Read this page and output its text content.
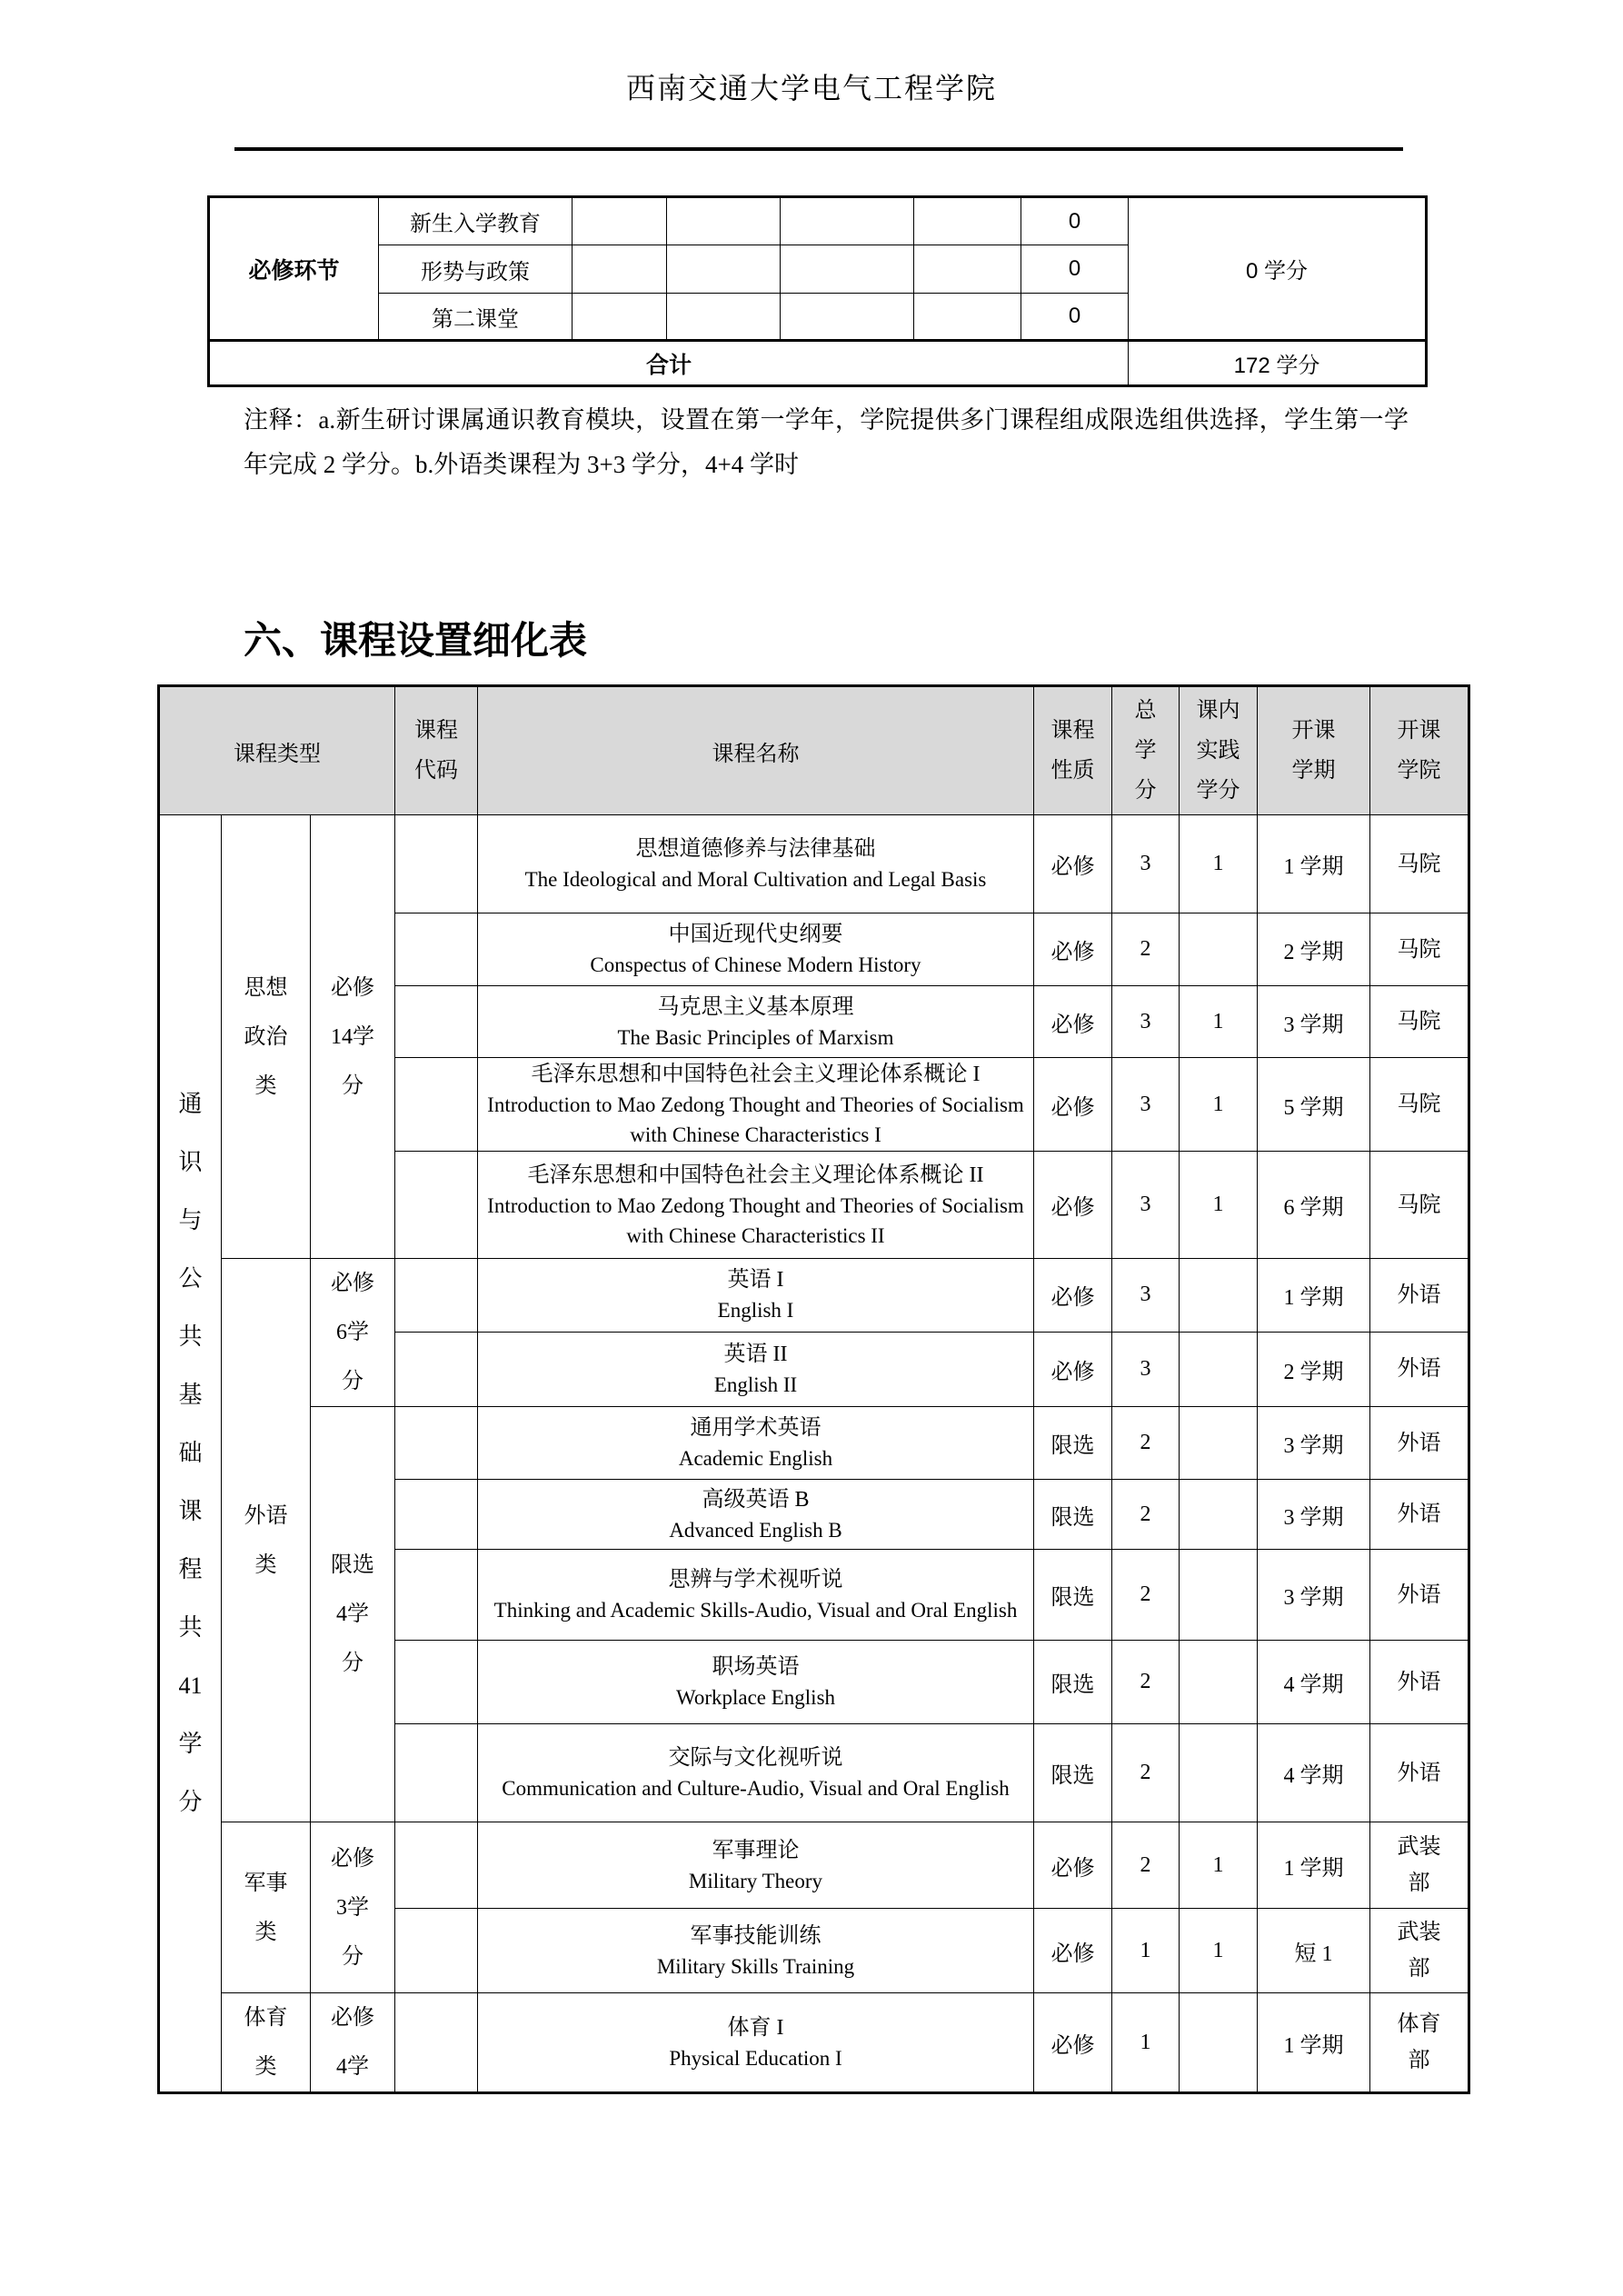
西南交通大学电气工程学院
必修环节	新生入学教育					0	0 学分
	形势与政策					0	
	第二课堂					0	
合计							172 学分
注释：a.新生研讨课属通识教育模块，设置在第一学年，学院提供多门课程组成限选组供选择，学生第一学年完成 2 学分。b.外语类课程为 3+3 学分，4+4 学时
六、课程设置细化表
课程类型			课程代码	课程名称	课程性质	总学分	课内实践学分	开课学期	开课学院

通识与公共基础课程　共41学分	思想政治类	必修14学分		思想道德修养与法律基础
The Ideological and Moral Cultivation and Legal Basis	必修	3	1	1 学期	马院

				中国近现代史纲要
Conspectus of Chinese Modern History	必修	2		2 学期	马院

				马克思主义基本原理
The Basic Principles of Marxism	必修	3	1	3 学期	马院

				毛泽东思想和中国特色社会主义理论体系概论 I
Introduction to Mao Zedong Thought and Theories of Socialism with Chinese Characteristics I	必修	3	1	5 学期	马院

				毛泽东思想和中国特色社会主义理论体系概论 II
Introduction to Mao Zedong Thought and Theories of Socialism with Chinese Characteristics II	必修	3	1	6 学期	马院

	外语类	必修6学分		英语 I
English I	必修	3		1 学期	外语

				英语 II
English II	必修	3		2 学期	外语

		限选4学分		通用学术英语
Academic English	限选	2		3 学期	外语

				高级英语 B
Advanced English B	限选	2		3 学期	外语

				思辨与学术视听说
Thinking and Academic Skills-Audio, Visual and Oral English	限选	2		3 学期	外语

				职场英语
Workplace English	限选	2		4 学期	外语

				交际与文化视听说
Communication and Culture-Audio, Visual and Oral English	限选	2		4 学期	外语

	军事类	必修3学分		军事理论
Military Theory	必修	2	1	1 学期	武装部

				军事技能训练
Military Skills Training	必修	1	1	短 1	武装部

	体育类	必修4学		体育 I
Physical Education I	必修	1		1 学期	体育部
